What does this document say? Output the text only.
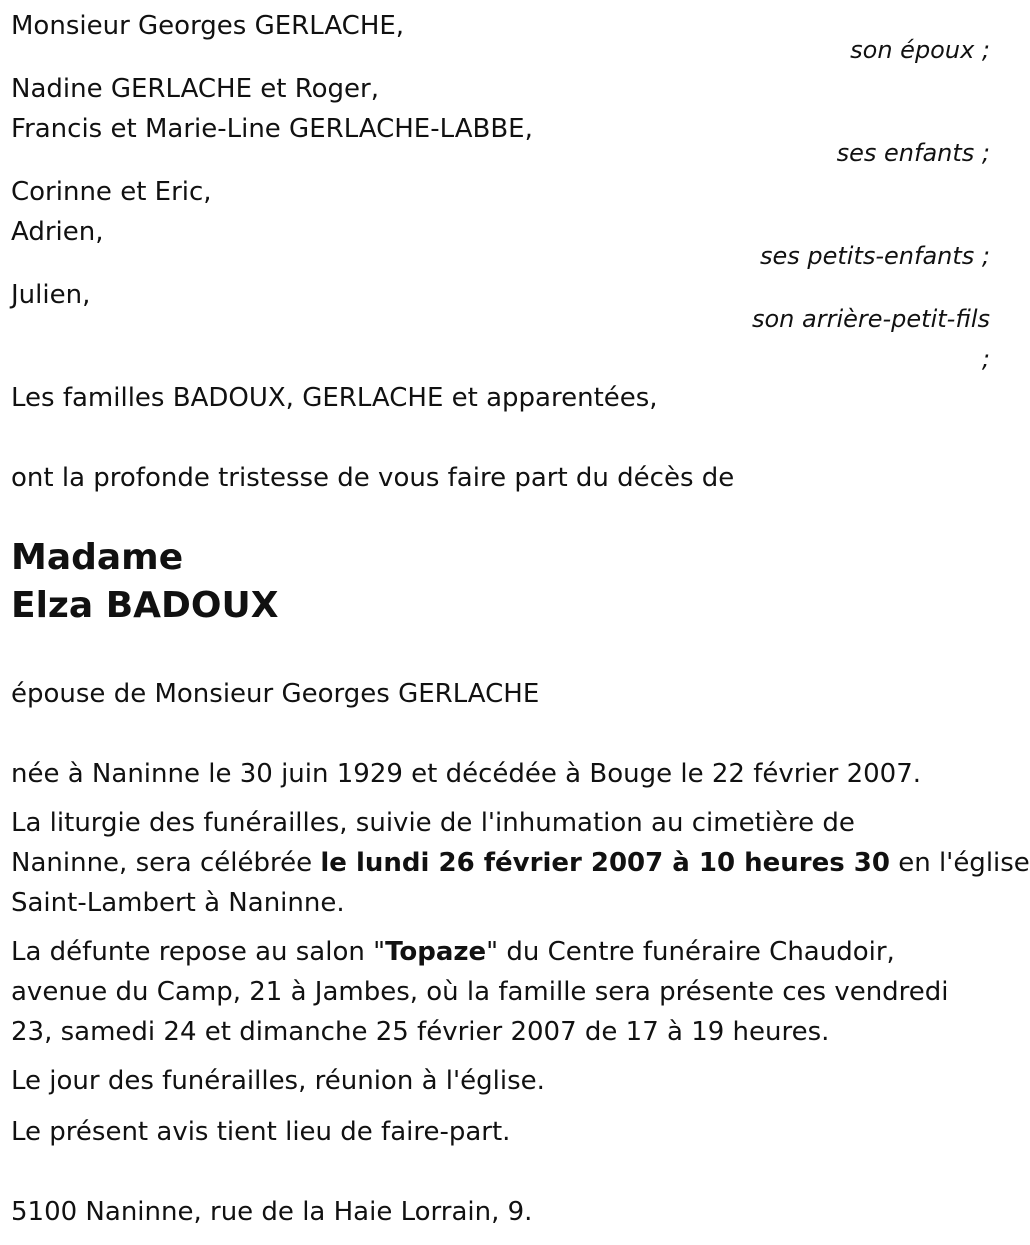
Monsieur Georges GERLACHE,
son époux ;
Nadine GERLACHE et Roger,
Francis et Marie-Line GERLACHE-LABBE,
ses enfants ;
Corinne et Eric,
Adrien,
ses petits-enfants ;
Julien,
son arrière-petit-fils
;
Les familles BADOUX, GERLACHE et apparentées,
ont la profonde tristesse de vous faire part du décès de
Madame
Elza BADOUX
épouse de Monsieur Georges GERLACHE
née à Naninne le 30 juin 1929 et décédée à Bouge le 22 février 2007.
La liturgie des funérailles, suivie de l'inhumation au cimetière de
Naninne, sera célébrée le lundi 26 février 2007 à 10 heures 30 en l'église
Saint-Lambert à Naninne.
La défunte repose au salon "Topaze" du Centre funéraire Chaudoir,
avenue du Camp, 21 à Jambes, où la famille sera présente ces vendredi
23, samedi 24 et dimanche 25 février 2007 de 17 à 19 heures.
Le jour des funérailles, réunion à l'église.
Le présent avis tient lieu de faire-part.
5100 Naninne, rue de la Haie Lorrain, 9.
